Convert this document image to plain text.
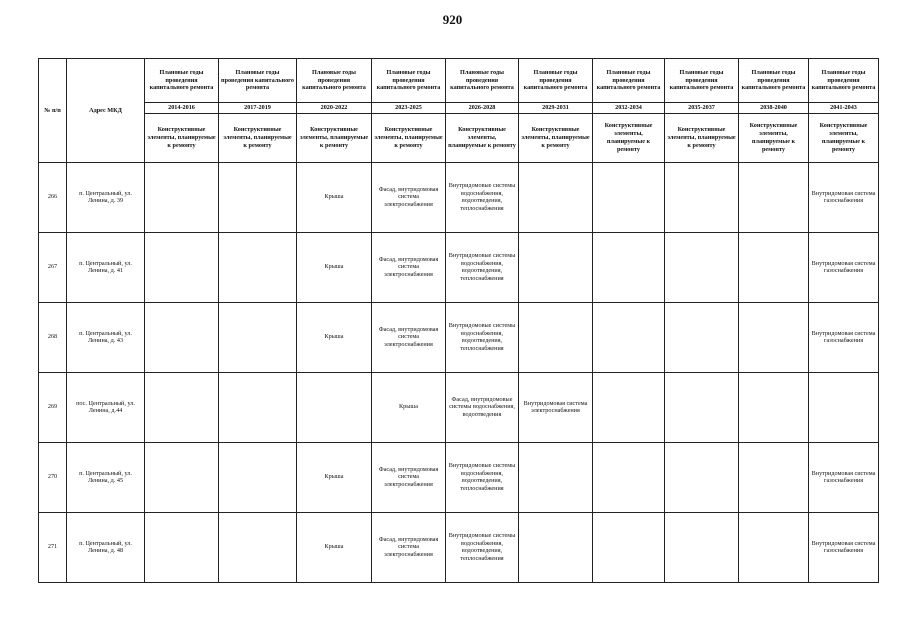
920
№ п/п	Адрес МКД	Плановые годы проведения капитального ремонта	Плановые годы проведения капитального ремонта	Плановые годы проведения капитального ремонта	Плановые годы проведения капитального ремонта	Плановые годы проведения капитального ремонта	Плановые годы проведения капитального ремонта	Плановые годы проведения капитального ремонта	Плановые годы проведения капитального ремонта	Плановые годы проведения капитального ремонта	Плановые годы проведения капитального ремонта
		2014-2016	2017-2019	2020-2022	2023-2025	2026-2028	2029-2031	2032-2034	2035-2037	2038-2040	2041-2043
		Конструктивные элементы, планируемые к ремонту	Конструктивные элементы, планируемые к ремонту	Конструктивные элементы, планируемые к ремонту	Конструктивные элементы, планируемые к ремонту	Конструктивные элементы, планируемые к ремонту	Конструктивные элементы, планируемые к ремонту	Конструктивные элементы, планируемые к ремонту	Конструктивные элементы, планируемые к ремонту	Конструктивные элементы, планируемые к ремонту	Конструктивные элементы, планируемые к ремонту
266	п. Центральный, ул. Ленина, д. 39			Крыша	Фасад, внутридомовая система электроснабжения	Внутридомовые системы водоснабжения, водоотведения, теплоснабжения					Внутридомовая система газоснабжения
267	п. Центральный, ул. Ленина, д. 41			Крыша	Фасад, внутридомовая система электроснабжения	Внутридомовые системы водоснабжения, водоотведения, теплоснабжения					Внутридомовая система газоснабжения
268	п. Центральный, ул. Ленина, д. 43			Крыша	Фасад, внутридомовая система электроснабжения	Внутридомовые системы водоснабжения, водоотведения, теплоснабжения					Внутридомовая система газоснабжения
269	пос. Центральный, ул. Ленина, д.44				Крыша	Фасад, внутридомовые системы водоснабжения, водоотведения	Внутридомовая система электроснабжения				
270	п. Центральный, ул. Ленина, д. 45			Крыша	Фасад, внутридомовая система электроснабжения	Внутридомовые системы водоснабжения, водоотведения, теплоснабжения					Внутридомовая система газоснабжения
271	п. Центральный, ул. Ленина, д. 48			Крыша	Фасад, внутридомовая система электроснабжения	Внутридомовые системы водоснабжения, водоотведения, теплоснабжения					Внутридомовая система газоснабжения
